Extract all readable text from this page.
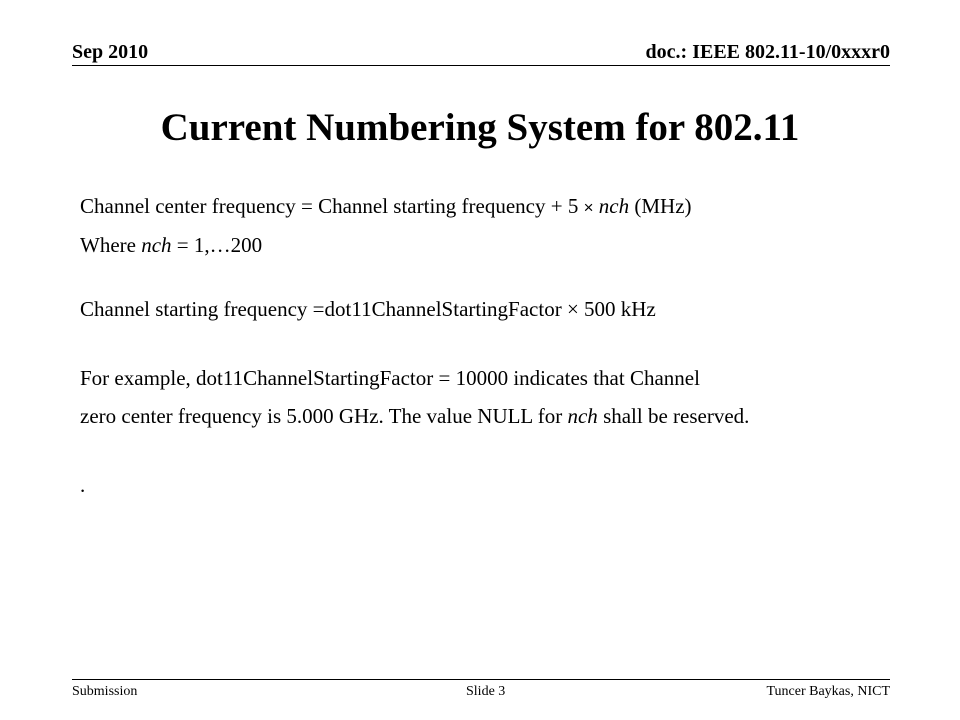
Sep 2010	doc.: IEEE 802.11-10/0xxxr0
Current Numbering System for 802.11
Channel center frequency = Channel starting frequency + 5 × nch (MHz)
Where nch = 1,…200
Channel starting frequency =dot11ChannelStartingFactor × 500 kHz
For example, dot11ChannelStartingFactor = 10000 indicates that Channel
zero center frequency is 5.000 GHz. The value NULL for nch shall be reserved.
.
Submission	Slide 3	Tuncer Baykas, NICT
